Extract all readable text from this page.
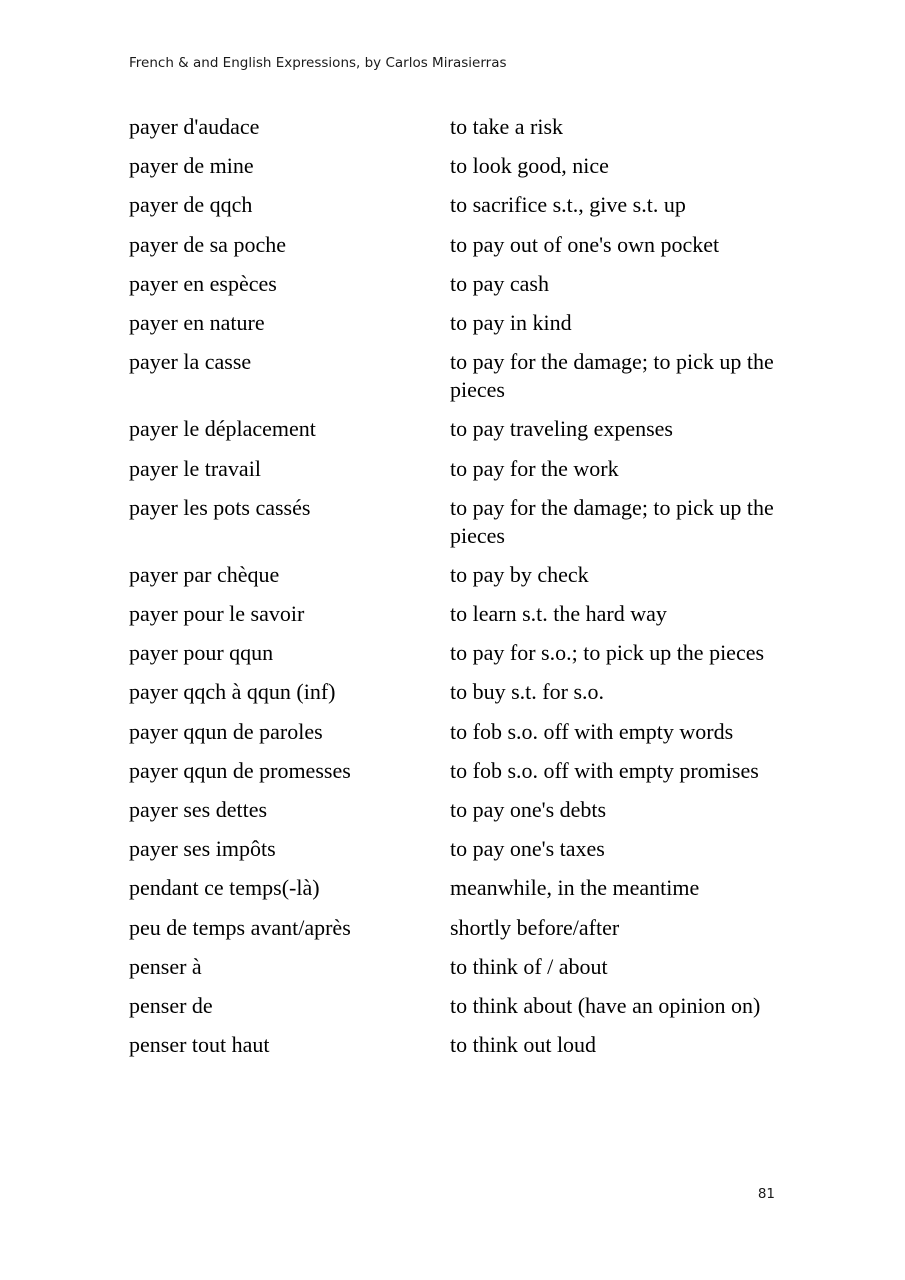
French & and English Expressions, by Carlos Mirasierras
payer d'audace	to take a risk
payer de mine	to look good, nice
payer de qqch	to sacrifice s.t., give s.t. up
payer de sa poche	to pay out of one's own pocket
payer en espèces	to pay cash
payer en nature	to pay in kind
payer la casse	to pay for the damage; to pick up the pieces
payer le déplacement	to pay traveling expenses
payer le travail	to pay for the work
payer les pots cassés	to pay for the damage; to pick up the pieces
payer par chèque	to pay by check
payer pour le savoir	to learn s.t. the hard way
payer pour qqun	to pay for s.o.; to pick up the pieces
payer qqch à qqun (inf)	to buy s.t. for s.o.
payer qqun de paroles	to fob s.o. off with empty words
payer qqun de promesses	to fob s.o. off with empty promises
payer ses dettes	to pay one's debts
payer ses impôts	to pay one's taxes
pendant ce temps(-là)	meanwhile, in the meantime
peu de temps avant/après	shortly before/after
penser à	to think of / about
penser de	to think about (have an opinion on)
penser tout haut	to think out loud
81
